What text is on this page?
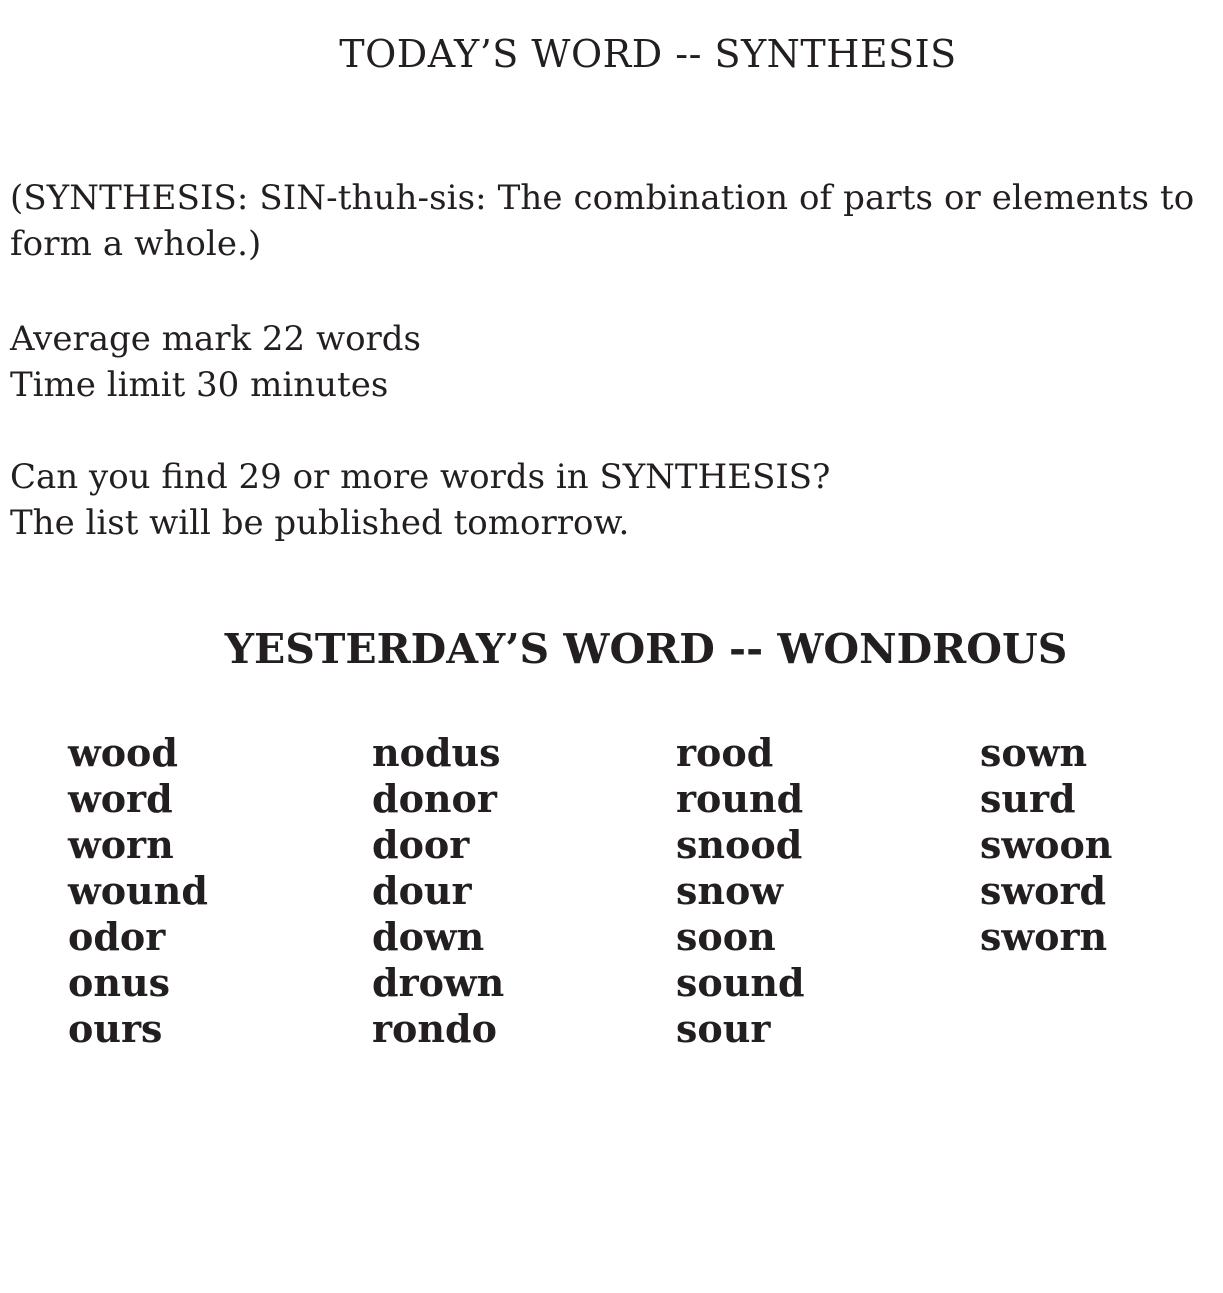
TODAY’S WORD -- SYNTHESIS

(SYNTHESIS: SIN-thuh-sis: The combination of parts or elements to
form a whole.)

Average mark 22 words
Time limit 30 minutes
Can you find 29 or more words in SYNTHESIS?
The list will be published tomorrow.
YESTERDAY’S WORD -- WONDROUS
wood
word
worn
wound
odor
onus
ours
nodus
donor
door
dour
down
drown
rondo
rood
round
snood
snow
soon
sound
sour
sown
surd
swoon
sword
sworn
